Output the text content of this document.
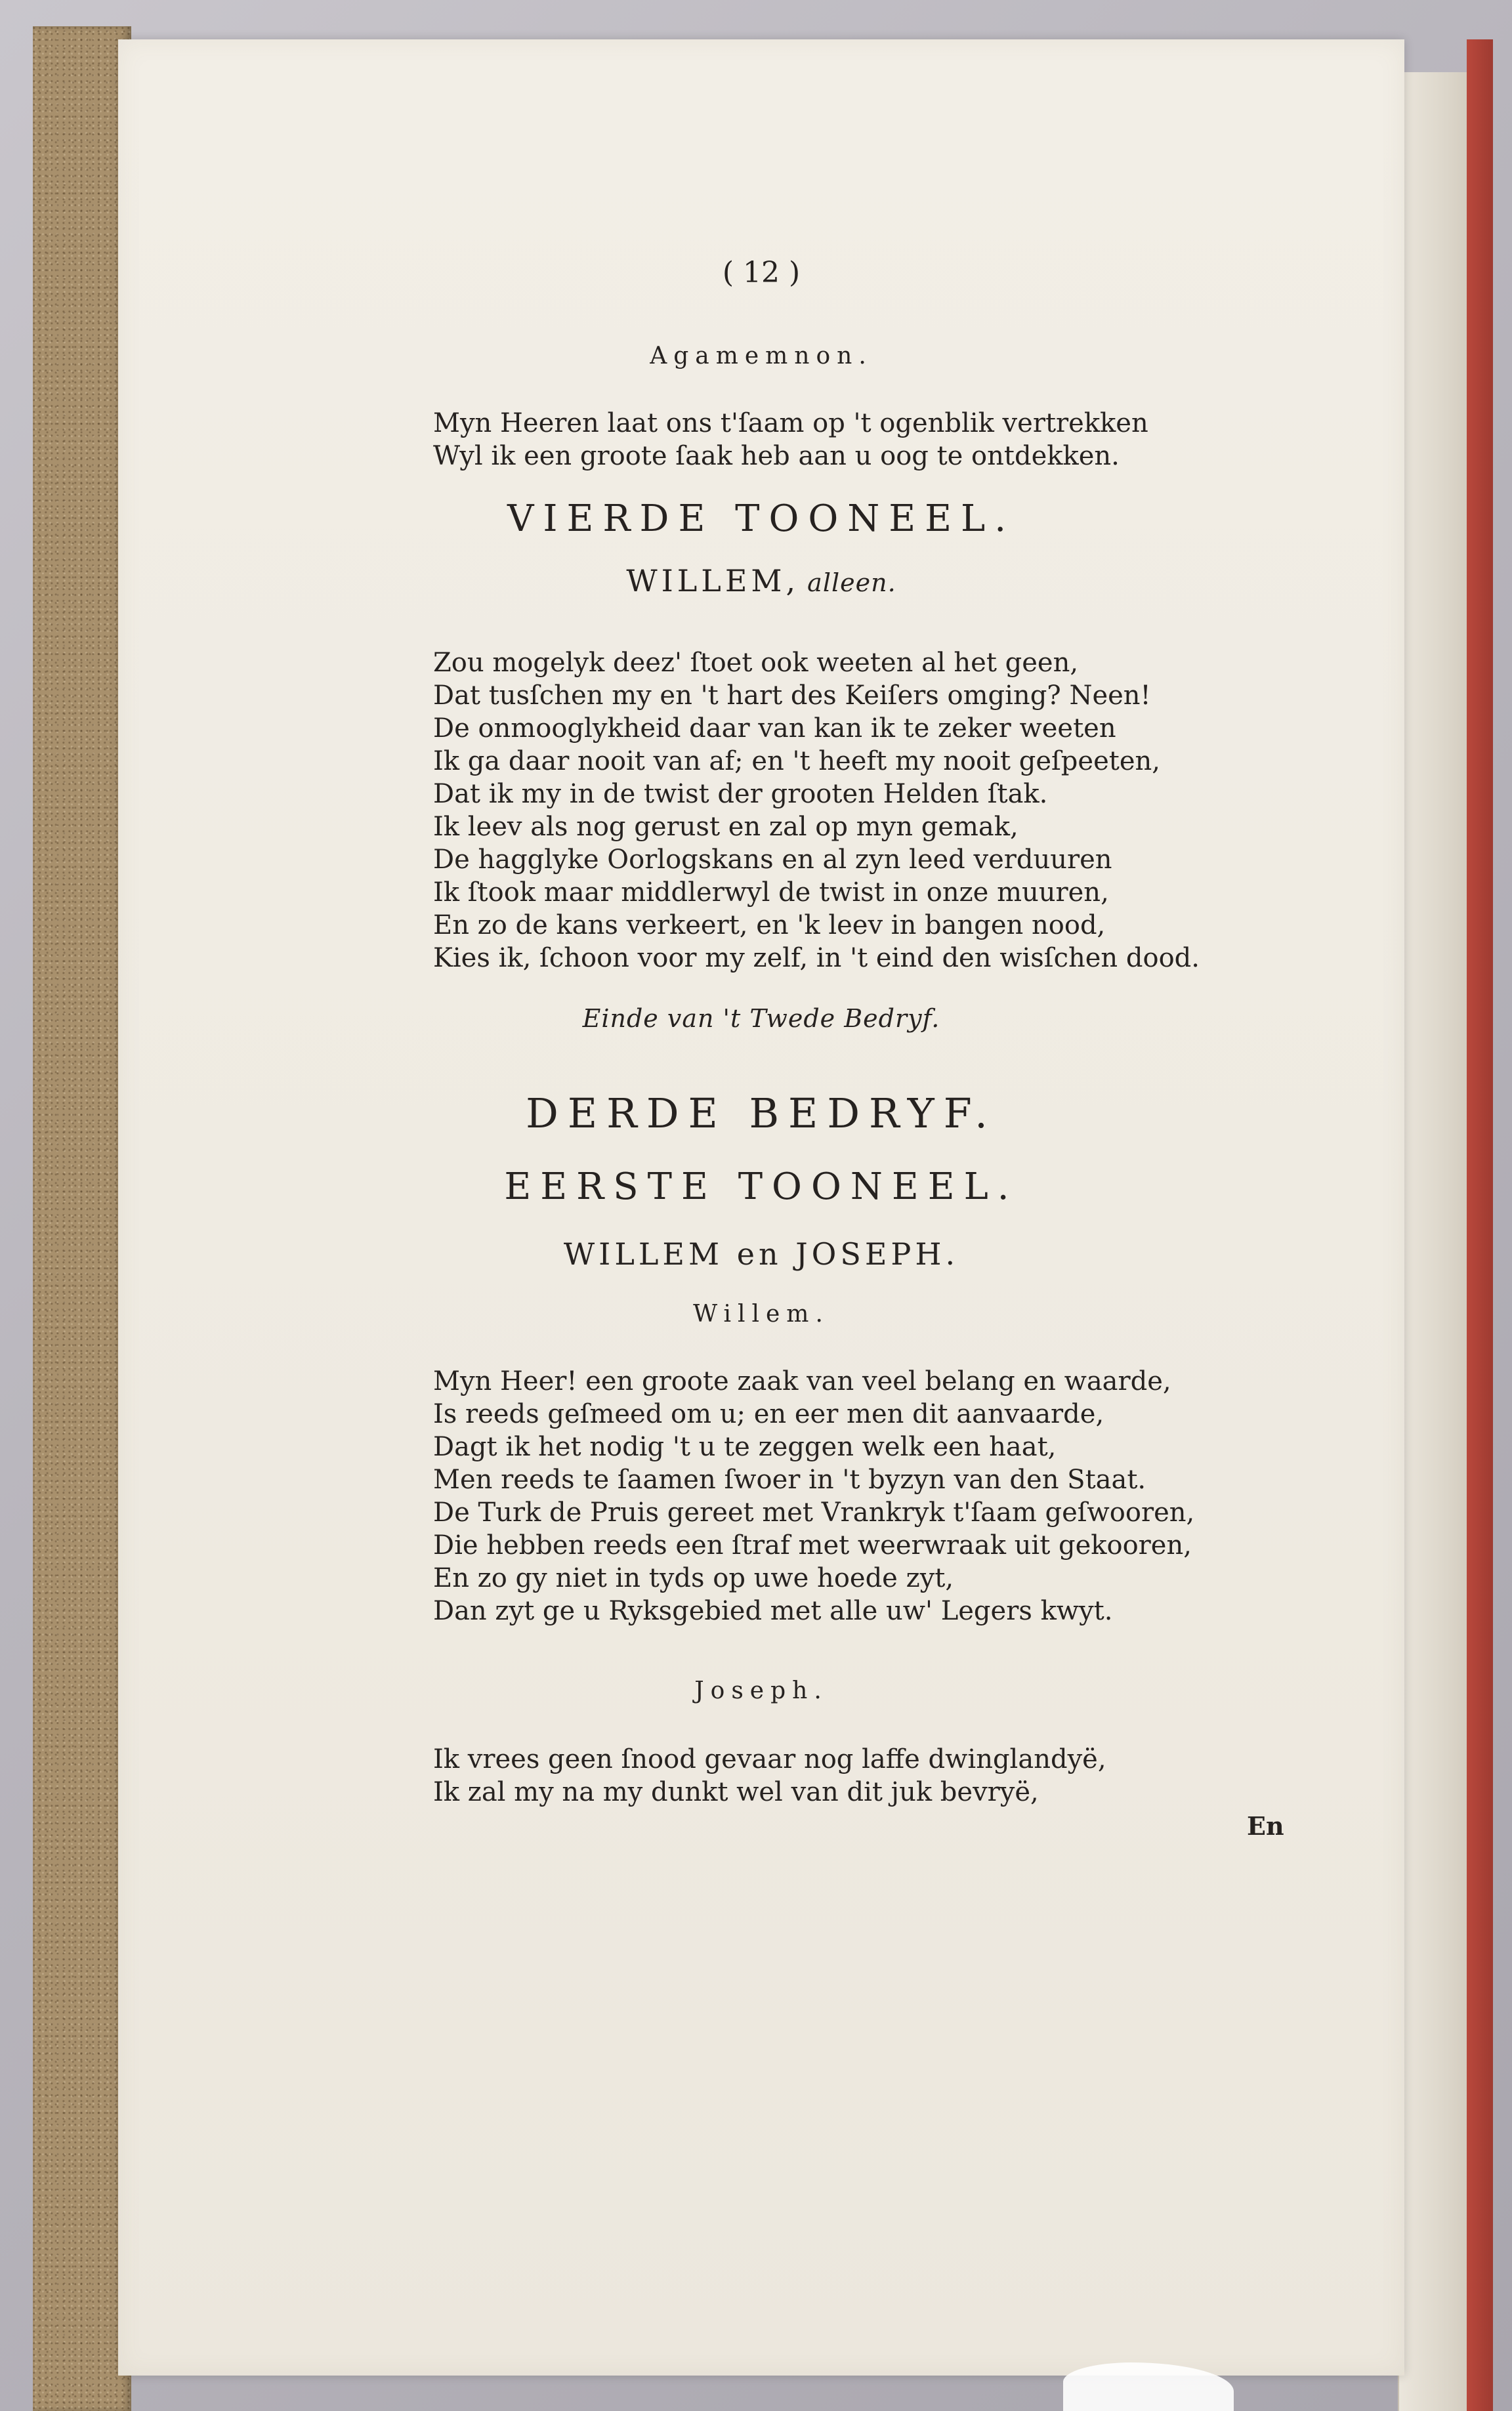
( 12 )
Agamemnon.
Myn Heeren laat ons t'ſaam op 't ogenblik vertrekken
Wyl ik een groote ſaak heb aan u oog te ontdekken.
VIERDE TOONEEL.
WILLEM, alleen.
Zou mogelyk deez' ſtoet ook weeten al het geen,
Dat tusſchen my en 't hart des Keiſers omging? Neen!
De onmooglykheid daar van kan ik te zeker weeten
Ik ga daar nooit van af; en 't heeft my nooit geſpeeten,
Dat ik my in de twist der grooten Helden ſtak.
Ik leev als nog gerust en zal op myn gemak,
De hagglyke Oorlogskans en al zyn leed verduuren
Ik ſtook maar middlerwyl de twist in onze muuren,
En zo de kans verkeert, en 'k leev in bangen nood,
Kies ik, ſchoon voor my zelf, in 't eind den wisſchen dood.
Einde van 't Twede Bedryf.
DERDE BEDRYF.
EERSTE TOONEEL.
WILLEM en JOSEPH.
Willem.
Myn Heer! een groote zaak van veel belang en waarde,
Is reeds geſmeed om u; en eer men dit aanvaarde,
Dagt ik het nodig 't u te zeggen welk een haat,
Men reeds te ſaamen ſwoer in 't byzyn van den Staat.
De Turk de Pruis gereet met Vrankryk t'ſaam geſwooren,
Die hebben reeds een ſtraf met weerwraak uit gekooren,
En zo gy niet in tyds op uwe hoede zyt,
Dan zyt ge u Ryksgebied met alle uw' Legers kwyt.
Joseph.
Ik vrees geen ſnood gevaar nog laffe dwinglandyë,
Ik zal my na my dunkt wel van dit juk bevryë,
En
